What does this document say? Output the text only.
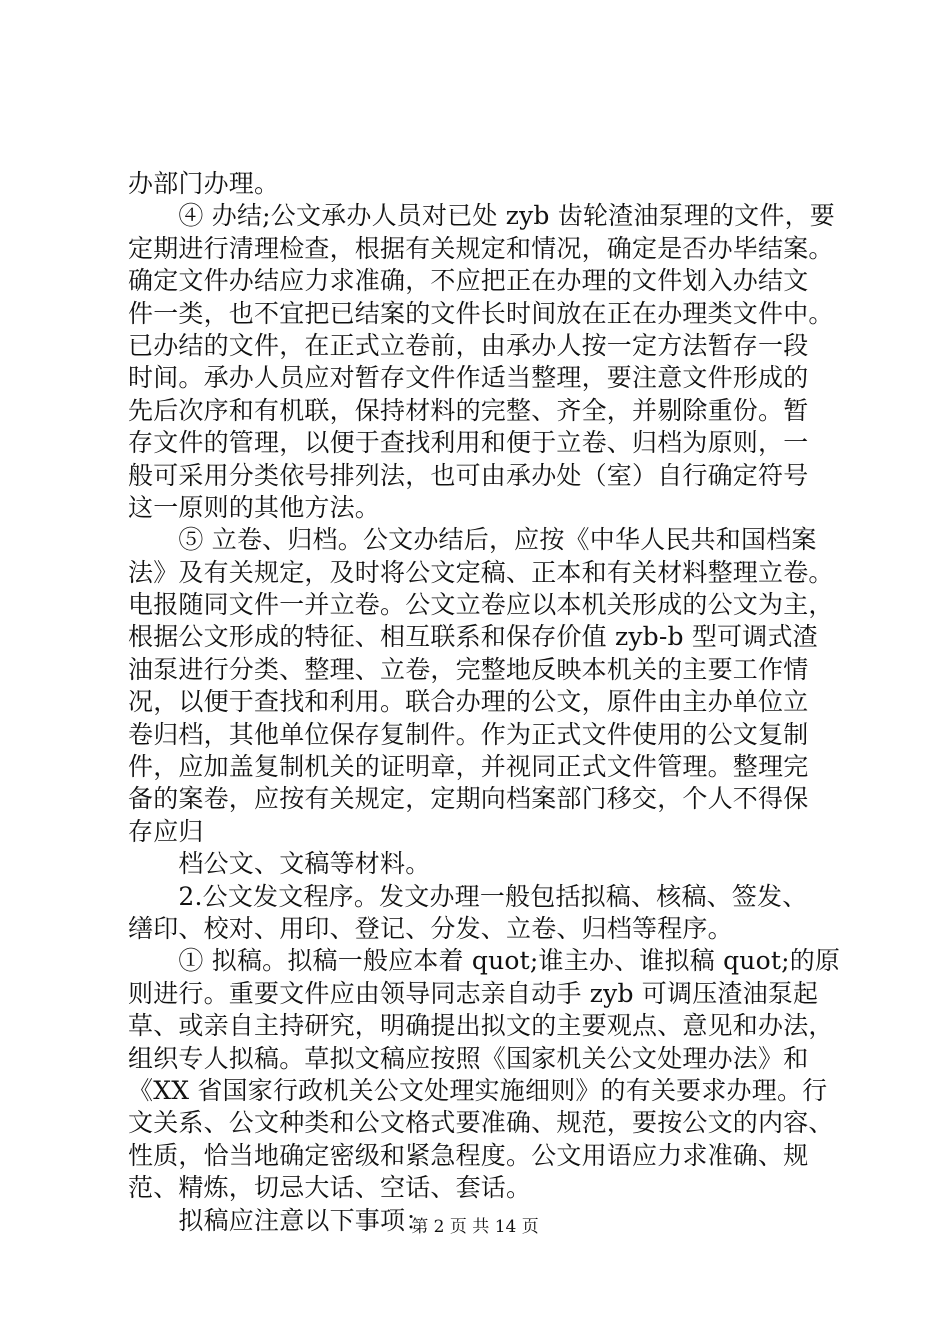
办部门办理。
　　④ 办结;公文承办人员对已处 zyb 齿轮渣油泵理的文件，要
定期进行清理检查，根据有关规定和情况，确定是否办毕结案。
确定文件办结应力求准确，不应把正在办理的文件划入办结文
件一类，也不宜把已结案的文件长时间放在正在办理类文件中。
已办结的文件，在正式立卷前，由承办人按一定方法暂存一段
时间。承办人员应对暂存文件作适当整理，要注意文件形成的
先后次序和有机联，保持材料的完整、齐全，并剔除重份。暂
存文件的管理，以便于查找利用和便于立卷、归档为原则，一
般可采用分类依号排列法，也可由承办处（室）自行确定符号
这一原则的其他方法。
　　⑤ 立卷、归档。公文办结后，应按《中华人民共和国档案
法》及有关规定，及时将公文定稿、正本和有关材料整理立卷。
电报随同文件一并立卷。公文立卷应以本机关形成的公文为主，
根据公文形成的特征、相互联系和保存价值 zyb-b 型可调式渣
油泵进行分类、整理、立卷，完整地反映本机关的主要工作情
况，以便于查找和利用。联合办理的公文，原件由主办单位立
卷归档，其他单位保存复制件。作为正式文件使用的公文复制
件，应加盖复制机关的证明章，并视同正式文件管理。整理完
备的案卷，应按有关规定，定期向档案部门移交，个人不得保
存应归
　　档公文、文稿等材料。
　　2.公文发文程序。发文办理一般包括拟稿、核稿、签发、
缮印、校对、用印、登记、分发、立卷、归档等程序。
　　① 拟稿。拟稿一般应本着 quot;谁主办、谁拟稿 quot;的原
则进行。重要文件应由领导同志亲自动手 zyb 可调压渣油泵起
草、或亲自主持研究，明确提出拟文的主要观点、意见和办法，
组织专人拟稿。草拟文稿应按照《国家机关公文处理办法》和
《XX 省国家行政机关公文处理实施细则》的有关要求办理。行
文关系、公文种类和公文格式要准确、规范，要按公文的内容、
性质，恰当地确定密级和紧急程度。公文用语应力求准确、规
范、精炼，切忌大话、空话、套话。
　　拟稿应注意以下事项：
第 2 页 共 14 页
